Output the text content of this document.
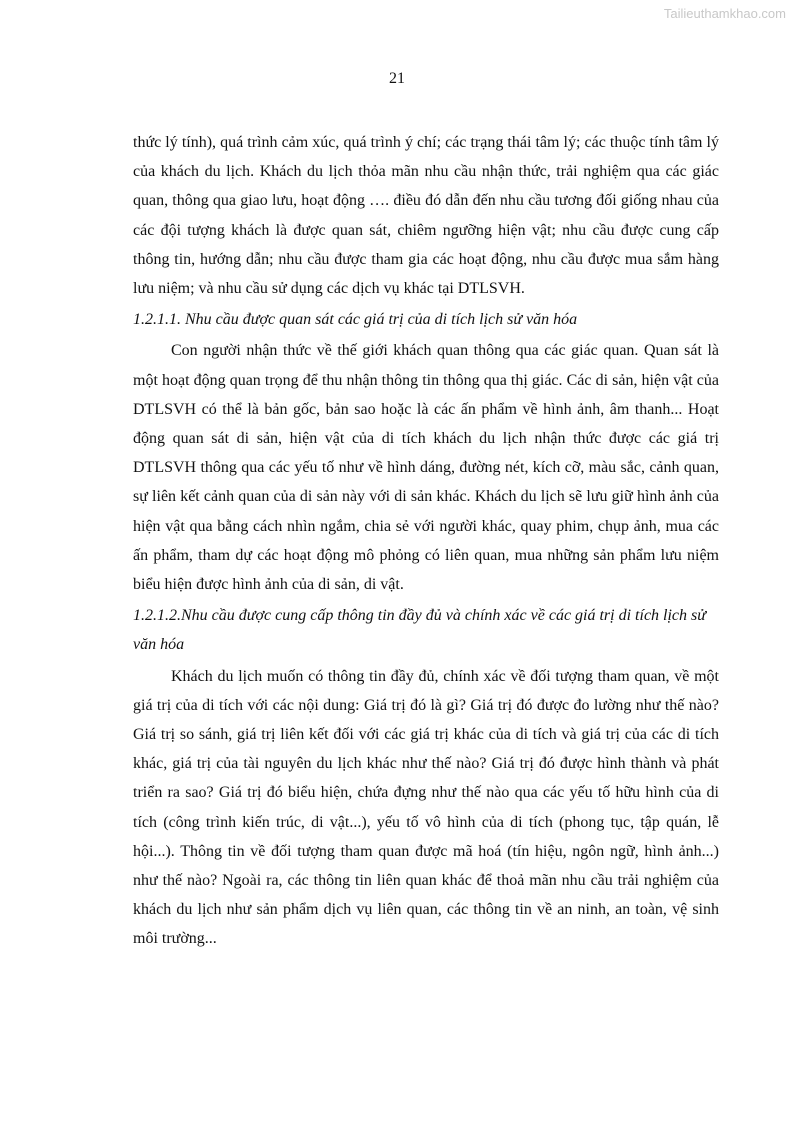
Tailieuthamkhao.com
21

thức lý tính), quá trình cảm xúc, quá trình ý chí; các trạng thái tâm lý; các thuộc tính tâm lý của khách du lịch. Khách du lịch thỏa mãn nhu cầu nhận thức, trải nghiệm qua các giác quan, thông qua giao lưu, hoạt động …. điều đó dẫn đến nhu cầu tương đối giống nhau của các đội tượng khách là được quan sát, chiêm ngưỡng hiện vật; nhu cầu được cung cấp thông tin, hướng dẫn; nhu cầu được tham gia các hoạt động, nhu cầu được mua sắm hàng lưu niệm; và nhu cầu sử dụng các dịch vụ khác tại DTLSVH.

1.2.1.1. Nhu cầu được quan sát các giá trị của di tích lịch sử văn hóa

Con người nhận thức về thế giới khách quan thông qua các giác quan. Quan sát là một hoạt động quan trọng để thu nhận thông tin thông qua thị giác. Các di sản, hiện vật của DTLSVH có thể là bản gốc, bản sao hoặc là các ấn phẩm về hình ảnh, âm thanh... Hoạt động quan sát di sản, hiện vật của di tích khách du lịch nhận thức được các giá trị DTLSVH thông qua các yếu tố như về hình dáng, đường nét, kích cỡ, màu sắc, cảnh quan, sự liên kết cảnh quan của di sản này với di sản khác. Khách du lịch sẽ lưu giữ hình ảnh của hiện vật qua bằng cách nhìn ngắm, chia sẻ với người khác, quay phim, chụp ảnh, mua các ấn phẩm, tham dự các hoạt động mô phỏng có liên quan, mua những sản phẩm lưu niệm biểu hiện được hình ảnh của di sản, di vật.

1.2.1.2.Nhu cầu được cung cấp thông tin đầy đủ và chính xác về các giá trị di tích lịch sử văn hóa

Khách du lịch muốn có thông tin đầy đủ, chính xác về đối tượng tham quan, về một giá trị của di tích với các nội dung: Giá trị đó là gì? Giá trị đó được đo lường như thế nào? Giá trị so sánh, giá trị liên kết đối với các giá trị khác của di tích và giá trị của các di tích khác, giá trị của tài nguyên du lịch khác như thế nào? Giá trị đó được hình thành và phát triển ra sao? Giá trị đó biểu hiện, chứa đựng như thế nào qua các yếu tố hữu hình của di tích (công trình kiến trúc, di vật...), yếu tố vô hình của di tích (phong tục, tập quán, lễ hội...). Thông tin về đối tượng tham quan được mã hoá (tín hiệu, ngôn ngữ, hình ảnh...) như thế nào? Ngoài ra, các thông tin liên quan khác để thoả mãn nhu cầu trải nghiệm của khách du lịch như sản phẩm dịch vụ liên quan, các thông tin về an ninh, an toàn, vệ sinh môi trường...
